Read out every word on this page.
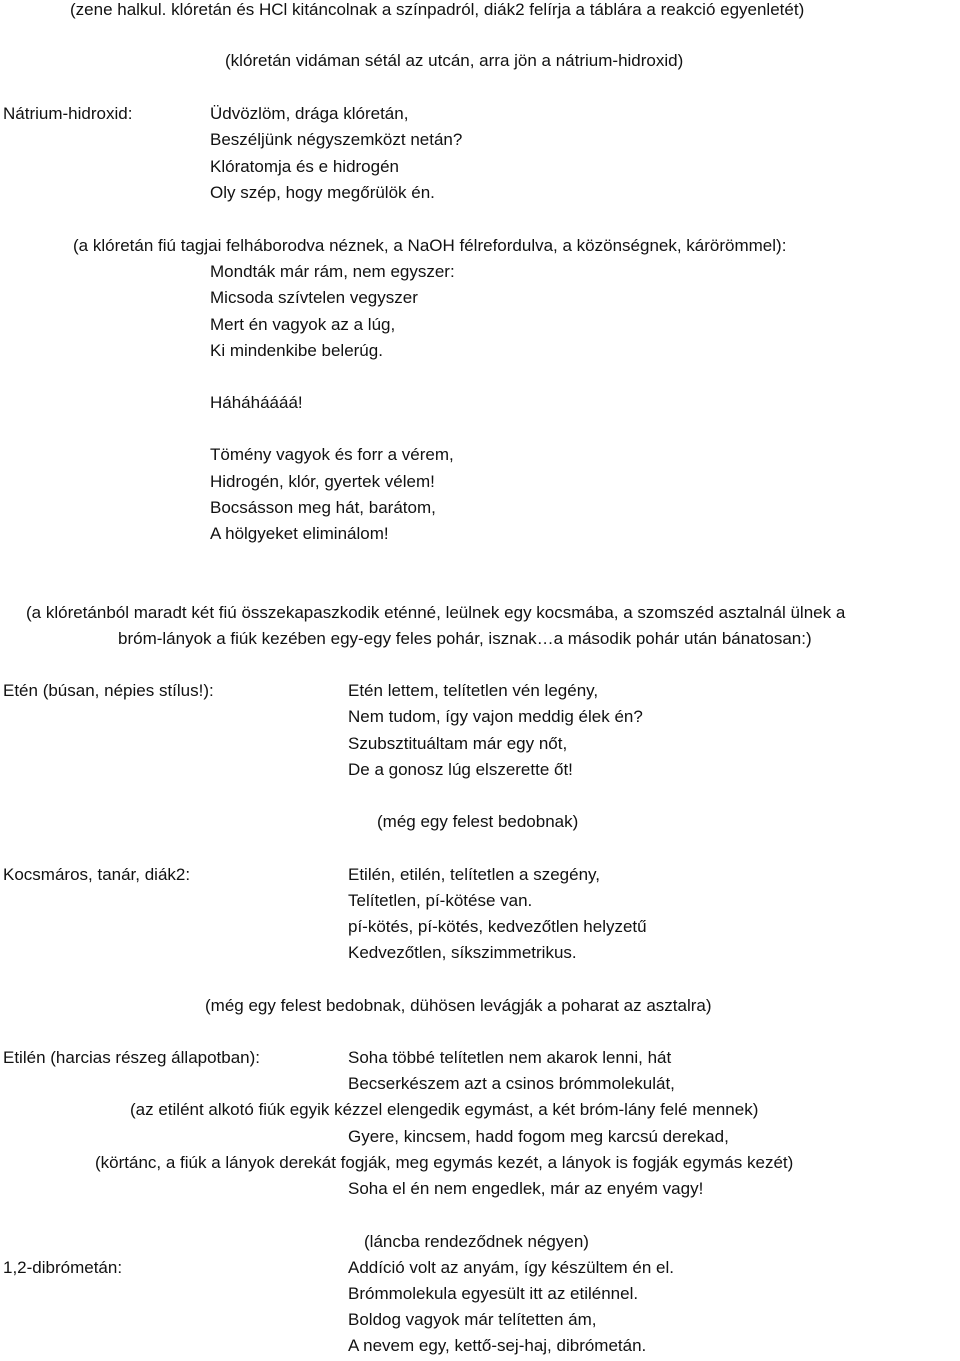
(zene halkul. klóretán és HCl kitáncolnak a színpadról, diák2 felírja a táblára a reakció egyenletét)
(klóretán vidáman sétál az utcán, arra jön a nátrium-hidroxid)
Nátrium-hidroxid:	Üdvözlöm, drága klóretán,
Beszéljünk négyszemközt netán?
Klóratomja és e hidrogén
Oly szép, hogy megőrülök én.
(a klóretán fiú tagjai felháborodva néznek, a NaOH félrefordulva, a közönségnek, kárörömmel):
Mondták már rám, nem egyszer:
Micsoda szívtelen vegyszer
Mert én vagyok az a lúg,
Ki mindenkibe belerúg.
Háháháááá!
Tömény vagyok és forr a vérem,
Hidrogén, klór, gyertek vélem!
Bocsásson meg hát, barátom,
A hölgyeket eliminálom!
(a klóretánból maradt két fiú összekapaszkodik eténné, leülnek egy kocsmába, a szomszéd asztalnál ülnek a
bróm-lányok a fiúk kezében egy-egy feles pohár, isznak…a második pohár után bánatosan:)
Etén (búsan, népies stílus!):	Etén lettem, telítetlen vén legény,
Nem tudom, így vajon meddig élek én?
Szubsztituáltam már egy nőt,
De a gonosz lúg elszerette őt!
(még egy felest bedobnak)
Kocsmáros, tanár, diák2:	Etilén, etilén, telítetlen a szegény,
Telítetlen, pí-kötése van.
pí-kötés, pí-kötés, kedvezőtlen helyzetű
Kedvezőtlen, síkszimmetrikus.
(még egy felest bedobnak, dühösen levágják a poharat az asztalra)
Etilén (harcias részeg állapotban):	Soha többé telítetlen nem akarok lenni, hát
Becserkészem azt a csinos brómmolekulát,
(az etilént alkotó fiúk egyik kézzel elengedik egymást, a két bróm-lány felé mennek)
Gyere, kincsem, hadd fogom meg karcsú derekad,
(körtánc, a fiúk a lányok derekát fogják, meg egymás kezét, a lányok is fogják egymás kezét)
Soha el én nem engedlek, már az enyém vagy!
(láncba rendeződnek négyen)
1,2-dibrómetán:	Addíció volt az anyám, így készültem én el.
Brómmolekula egyesült itt az etilénnel.
Boldog vagyok már telítetten ám,
A nevem egy, kettő-sej-haj, dibrómetán.
